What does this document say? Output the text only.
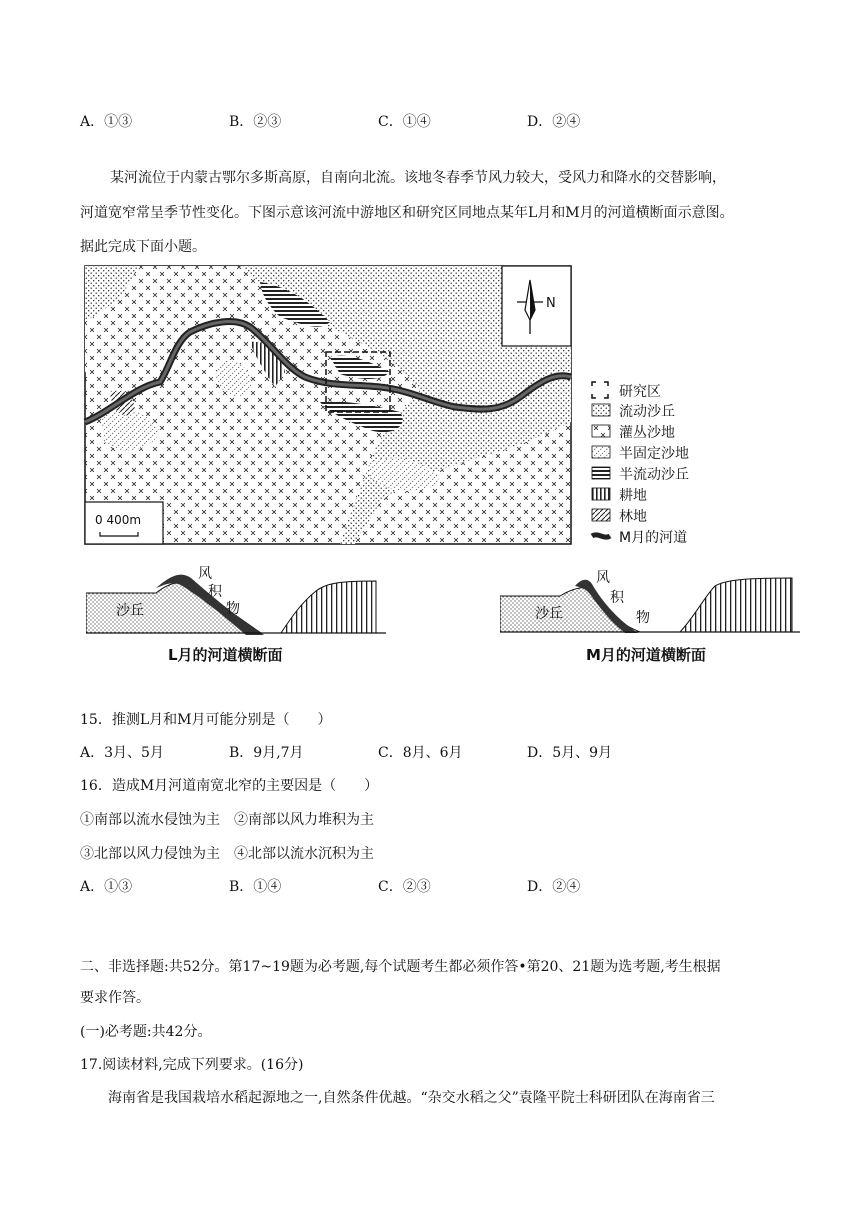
A．①③	B．②③	C．①④	D．②④
某河流位于内蒙古鄂尔多斯高原，自南向北流。该地冬春季节风力较大，受风力和降水的交替影响，
河道宽窄常呈季节性变化。下图示意该河流中游地区和研究区同地点某年L月和M月的河道横断面示意图。
据此完成下面小题。
N
0 400m
研究区
流动沙丘
灌丛沙地
半固定沙地
半流动沙丘
耕地
林地
M月的河道
沙丘
风
积
物
L月的河道横断面
沙丘
风
积
物
M月的河道横断面
15．推测L月和M月可能分别是（　　）
A．3月、5月	B．9月,7月	C．8月、6月	D．5月、9月
16．造成M月河道南宽北窄的主要因是（　　）
①南部以流水侵蚀为主　②南部以风力堆积为主
③北部以风力侵蚀为主　④北部以流水沉积为主
A．①③	B．①④	C．②③	D．②④
二、非选择题:共52分。第17~19题为必考题,每个试题考生都必须作答•第20、21题为选考题,考生根据
要求作答。
(一)必考题:共42分。
17.阅读材料,完成下列要求。(16分)
海南省是我国栽培水稻起源地之一,自然条件优越。“杂交水稻之父”袁隆平院士科研团队在海南省三
